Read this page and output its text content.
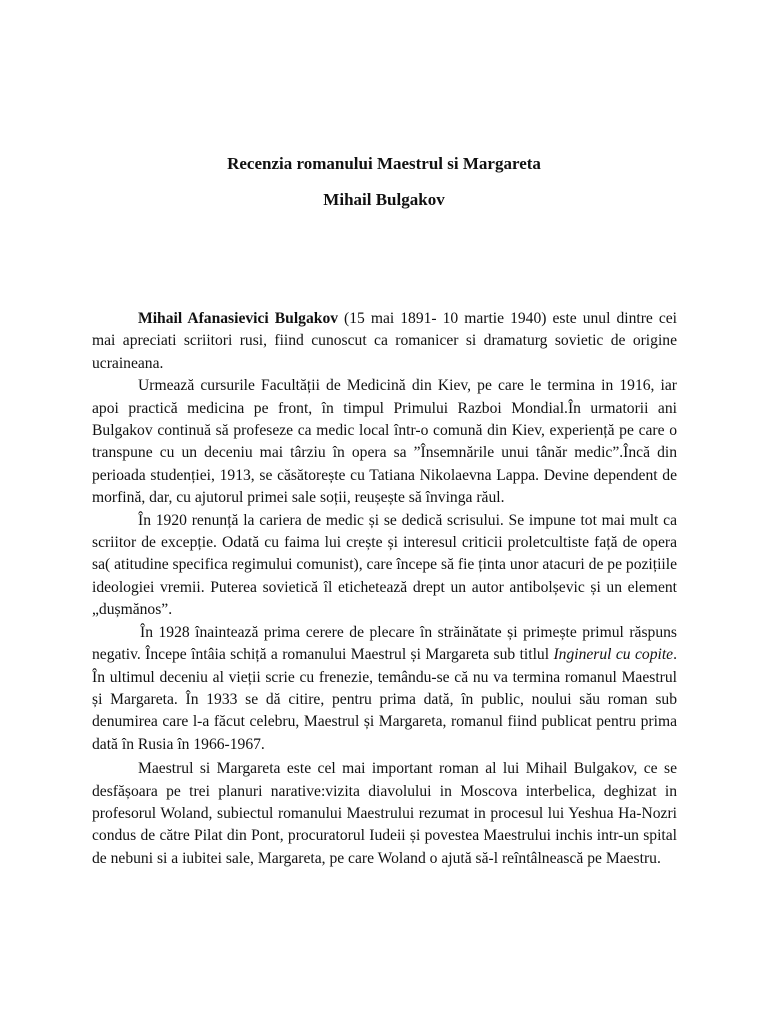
Recenzia romanului Maestrul si Margareta
Mihail Bulgakov

Mihail Afanasievici Bulgakov (15 mai 1891- 10 martie 1940) este unul dintre cei mai apreciati scriitori rusi, fiind cunoscut ca romanicer si dramaturg sovietic de origine ucraineana.

Urmează cursurile Facultății de Medicină din Kiev, pe care le termina in 1916, iar apoi practică medicina pe front, în timpul Primului Razboi Mondial.În urmatorii ani Bulgakov continuă să profeseze ca medic local într-o comună din Kiev, experiență pe care o transpune cu un deceniu mai târziu în opera sa ”Însemnările unui tânăr medic”.Încă din perioada studenției, 1913, se căsătorește cu Tatiana Nikolaevna Lappa. Devine dependent de morfină, dar, cu ajutorul primei sale soții, reușește să învinga răul.

În 1920 renunță la cariera de medic și se dedică scrisului. Se impune tot mai mult ca scriitor de excepție. Odată cu faima lui crește și interesul criticii proletcultiste față de opera sa( atitudine specifica regimului comunist), care începe să fie ținta unor atacuri de pe pozițiile ideologiei vremii. Puterea sovietică îl etichetează drept un autor antibolșevic și un element „dușmănos”.

În 1928 înaintează prima cerere de plecare în străinătate și primește primul răspuns negativ. Începe întâia schiță a romanului Maestrul și Margareta sub titlul Inginerul cu copite. În ultimul deceniu al vieții scrie cu frenezie, temându-se că nu va termina romanul Maestrul și Margareta. În 1933 se dă citire, pentru prima dată, în public, noului său roman sub denumirea care l-a făcut celebru, Maestrul și Margareta, romanul fiind publicat pentru prima dată în Rusia în 1966-1967.

Maestrul si Margareta este cel mai important roman al lui Mihail Bulgakov, ce se desfășoara pe trei planuri narative:vizita diavolului in Moscova interbelica, deghizat in profesorul Woland, subiectul romanului Maestrului rezumat in procesul lui Yeshua Ha-Nozri condus de către Pilat din Pont, procuratorul Iudeii și povestea Maestrului inchis intr-un spital de nebuni si a iubitei sale, Margareta, pe care Woland o ajută să-l reîntâlnească pe Maestru.
